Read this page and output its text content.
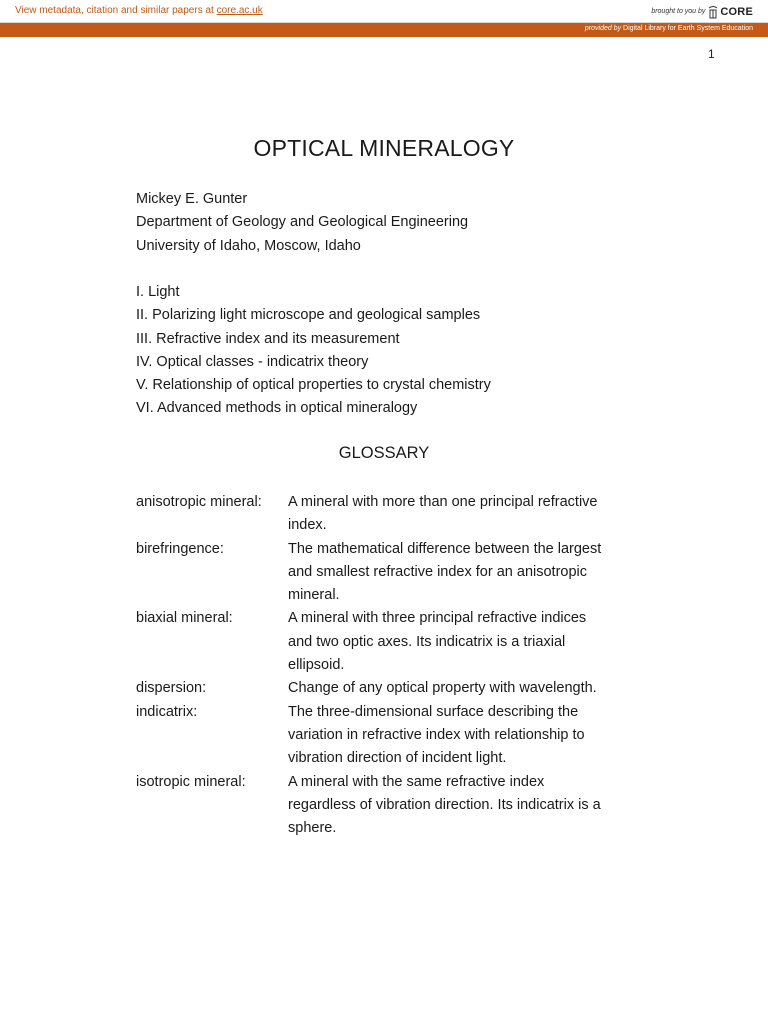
View metadata, citation and similar papers at core.ac.uk	brought to you by CORE
provided by Digital Library for Earth System Education
1
OPTICAL MINERALOGY
Mickey E. Gunter
Department of Geology and Geological Engineering
University of Idaho, Moscow, Idaho
I. Light
II. Polarizing light microscope and geological samples
III. Refractive index and its measurement
IV. Optical classes - indicatrix theory
V. Relationship of optical properties to crystal chemistry
VI. Advanced methods in optical mineralogy
GLOSSARY
anisotropic mineral:	A mineral with more than one principal refractive
index.
birefringence:	The mathematical difference between the largest
and smallest refractive index for an anisotropic
mineral.
biaxial mineral:	A mineral with three principal refractive indices
and two optic axes. Its indicatrix is a triaxial
ellipsoid.
dispersion:	Change of any optical property with wavelength.
indicatrix:	The three-dimensional surface describing the
variation in refractive index with relationship to
vibration direction of incident light.
isotropic mineral:	A mineral with the same refractive index
regardless of vibration direction. Its indicatrix is a
sphere.
